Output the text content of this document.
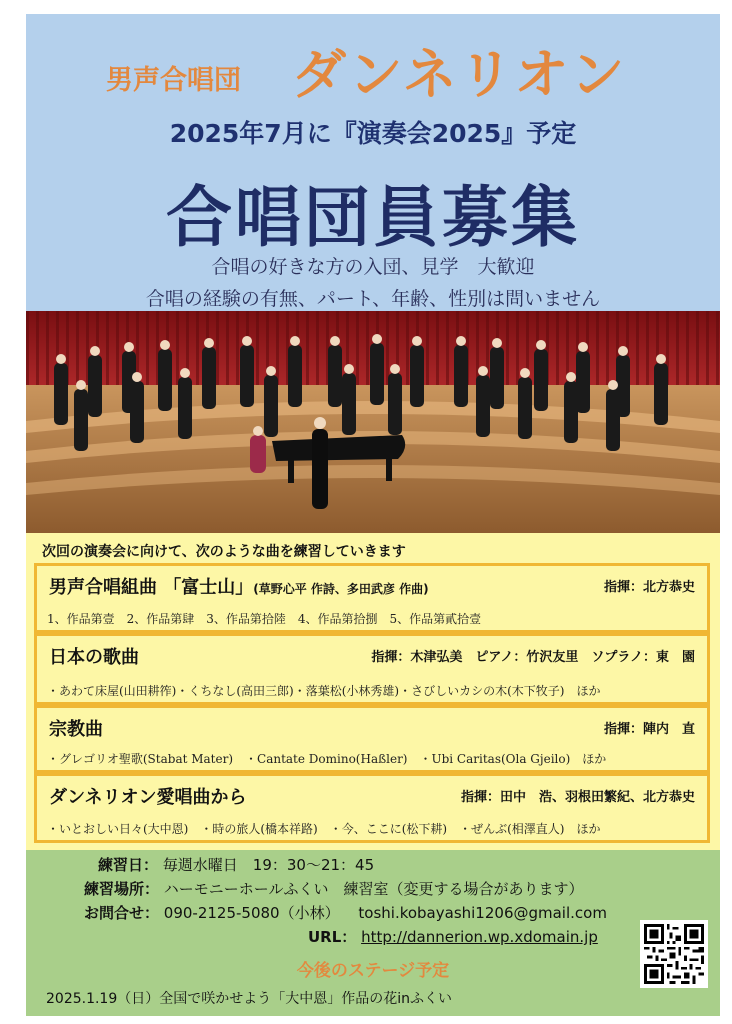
男声合唱団 ダンネリオン
2025年7月に『演奏会2025』予定
合唱団員募集
合唱の好きな方の入団、見学　大歓迎
合唱の経験の有無、パート、年齢、性別は問いません
次回の演奏会に向けて、次のような曲を練習していきます
男声合唱組曲 「富士山」(草野心平 作詩、多田武彦 作曲)	指揮：北方恭史
1、作品第壹　2、作品第肆　3、作品第拾陸　4、作品第拾捌　5、作品第貳拾壹
日本の歌曲	指揮：木津弘美　ピアノ：竹沢友里　ソプラノ：東　園
・あわて床屋(山田耕筰)・くちなし(高田三郎)・落葉松(小林秀雄)・さびしいカシの木(木下牧子)　ほか
宗教曲	指揮：陣内　直
・グレゴリオ聖歌(Stabat Mater)　・Cantate Domino(Haßler)　・Ubi Caritas(Ola Gjeilo)　ほか
ダンネリオン愛唱曲から	指揮：田中　浩、羽根田繁紀、北方恭史
・いとおしい日々(大中恩)　・時の旅人(橋本祥路)　・今、ここに(松下耕)　・ぜんぶ(相澤直人)　ほか
練習日： 毎週水曜日　19：30～21：45
練習場所： ハーモニーホールふくい　練習室（変更する場合があります）
お問合せ： 090-2125-5080（小林） toshi.kobayashi1206@gmail.com
URL： http://dannerion.wp.xdomain.jp
今後のステージ予定
2025.1.19（日）全国で咲かせよう「大中恩」作品の花inふくい
